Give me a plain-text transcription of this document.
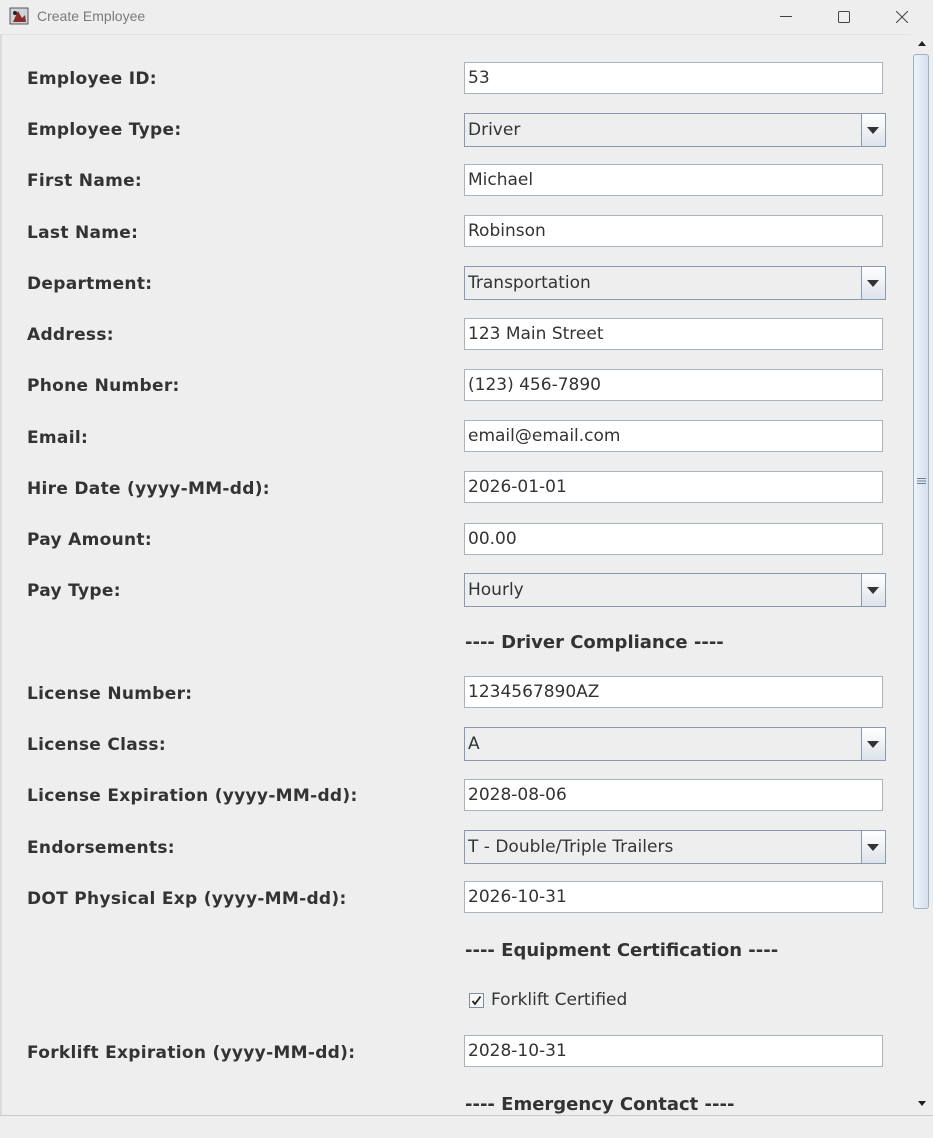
Create Employee
Employee ID:	53
Employee Type:	Driver
First Name:	Michael
Last Name:	Robinson
Department:	Transportation
Address:	123 Main Street
Phone Number:	(123) 456-7890
Email:	email@email.com
Hire Date (yyyy-MM-dd):	2026-01-01
Pay Amount:	00.00
Pay Type:	Hourly
---- Driver Compliance ----
License Number:	1234567890AZ
License Class:	A
License Expiration (yyyy-MM-dd):	2028-08-06
Endorsements:	T - Double/Triple Trailers
DOT Physical Exp (yyyy-MM-dd):	2026-10-31
---- Equipment Certification ----
Forklift Certified
Forklift Expiration (yyyy-MM-dd):	2028-10-31
---- Emergency Contact ----
